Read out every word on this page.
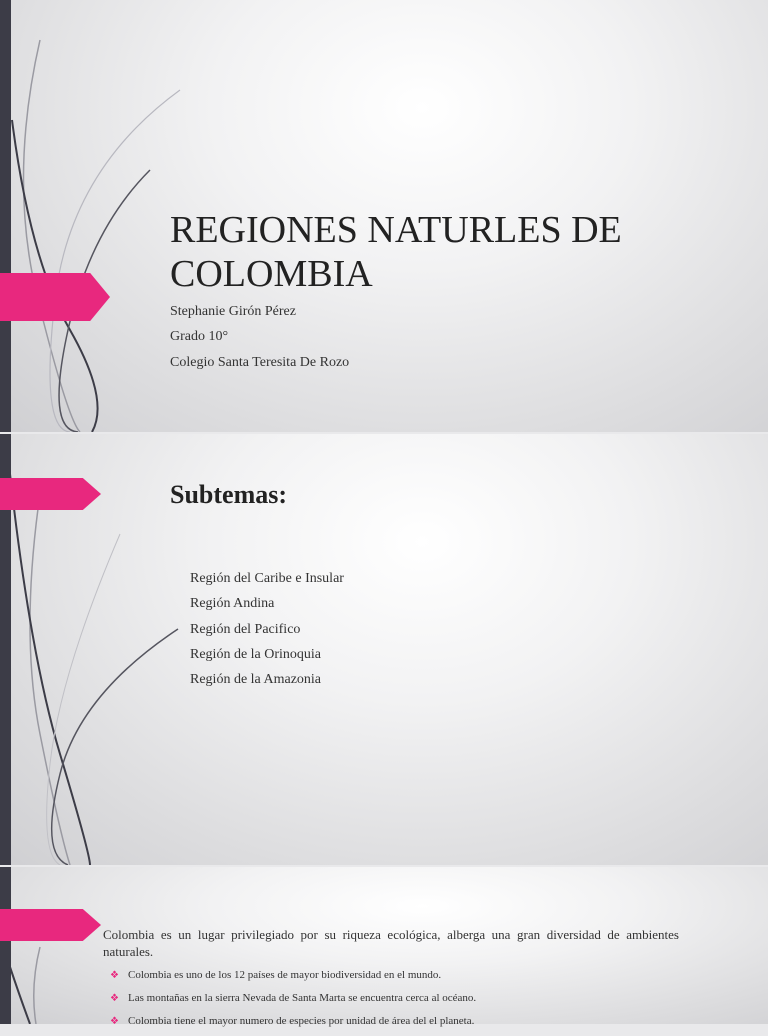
REGIONES NATURLES DE
COLOMBIA

Stephanie Girón Pérez

Grado 10°

Colegio Santa Teresita De Rozo

Subtemas:
Región del Caribe e Insular
Región Andina
Región del Pacifico
Región de la Orinoquia
Región de la Amazonia

Colombia es un lugar privilegiado por su riqueza ecológica, alberga una gran diversidad de ambientes naturales.

❖ Colombia es uno de los 12 países de mayor biodiversidad en el mundo.
❖ Las montañas en la sierra Nevada de Santa Marta se encuentra cerca al océano.
❖ Colombia tiene el mayor numero de especies por unidad de área del el planeta.
